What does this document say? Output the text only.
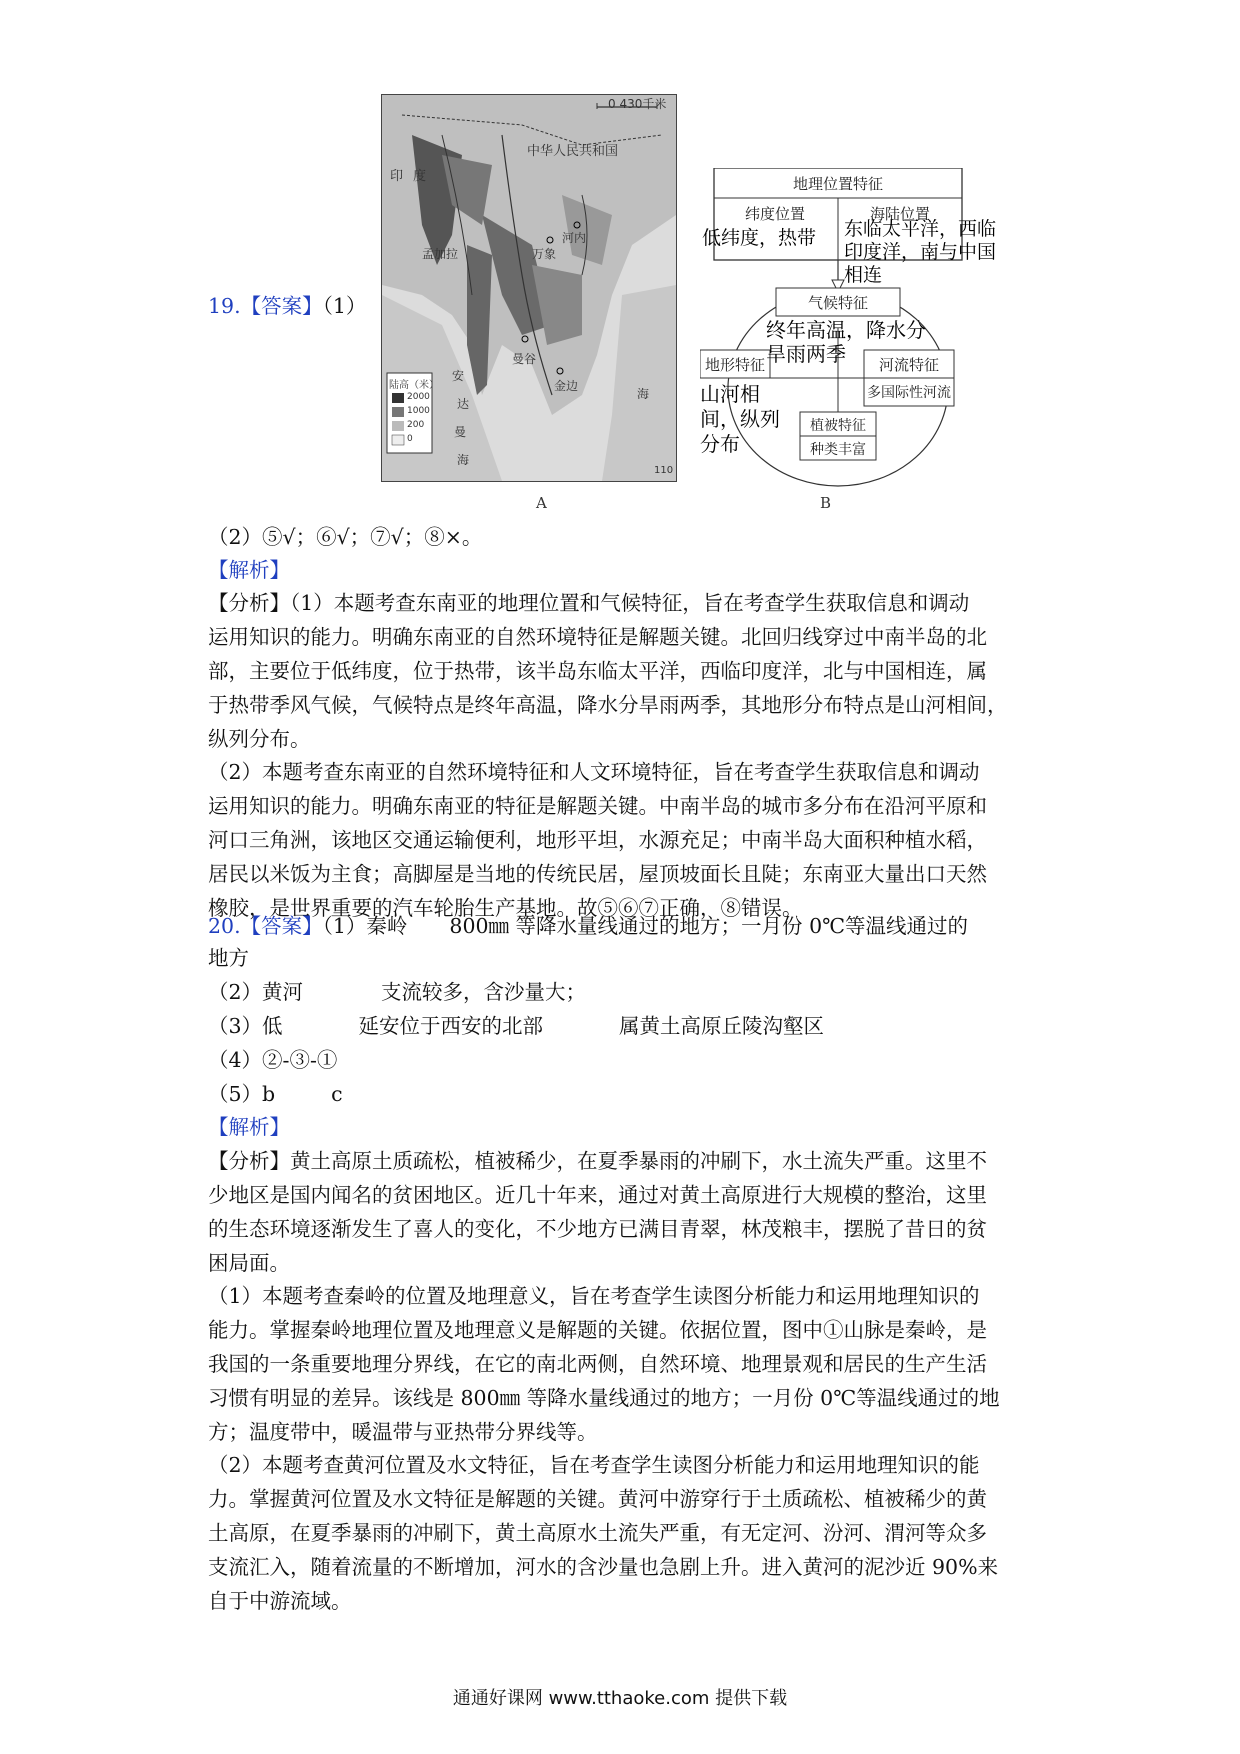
19.【答案】（1）
0 430千米
中华人民共和国
印度
孟加拉
河内
万象
曼谷
金边
海
安
达
曼
海
陆高（米）
2000
1000
200
0
110
A
地理位置特征
纬度位置	海陆位置
低纬度，热带 东临太平洋，西临印度洋，南与中国相连
气候特征
终年高温，降水分旱雨两季
地形特征
山河相间，纵列分布
河流特征
多国际性河流
植被特征
种类丰富
B
（2）⑤√；⑥√；⑦√；⑧×。
【解析】
【分析】（1）本题考查东南亚的地理位置和气候特征，旨在考查学生获取信息和调动
运用知识的能力。明确东南亚的自然环境特征是解题关键。北回归线穿过中南半岛的北
部，主要位于低纬度，位于热带，该半岛东临太平洋，西临印度洋，北与中国相连，属
于热带季风气候，气候特点是终年高温，降水分旱雨两季，其地形分布特点是山河相间，
纵列分布。
（2）本题考查东南亚的自然环境特征和人文环境特征，旨在考查学生获取信息和调动
运用知识的能力。明确东南亚的特征是解题关键。中南半岛的城市多分布在沿河平原和
河口三角洲，该地区交通运输便利，地形平坦，水源充足；中南半岛大面积种植水稻，
居民以米饭为主食；高脚屋是当地的传统民居，屋顶坡面长且陡；东南亚大量出口天然
橡胶，是世界重要的汽车轮胎生产基地。故⑤⑥⑦正确，⑧错误。
20.【答案】（1）秦岭 800㎜ 等降水量线通过的地方；一月份 0℃等温线通过的
地方
（2）黄河	支流较多，含沙量大；
（3）低	延安位于西安的北部	属黄土高原丘陵沟壑区
（4）②-③-①
（5）b	c
【解析】
【分析】黄土高原土质疏松，植被稀少，在夏季暴雨的冲刷下，水土流失严重。这里不
少地区是国内闻名的贫困地区。近几十年来，通过对黄土高原进行大规模的整治，这里
的生态环境逐渐发生了喜人的变化，不少地方已满目青翠，林茂粮丰，摆脱了昔日的贫
困局面。
（1）本题考查秦岭的位置及地理意义，旨在考查学生读图分析能力和运用地理知识的
能力。掌握秦岭地理位置及地理意义是解题的关键。依据位置，图中①山脉是秦岭，是
我国的一条重要地理分界线，在它的南北两侧，自然环境、地理景观和居民的生产生活
习惯有明显的差异。该线是 800㎜ 等降水量线通过的地方；一月份 0℃等温线通过的地
方；温度带中，暖温带与亚热带分界线等。
（2）本题考查黄河位置及水文特征，旨在考查学生读图分析能力和运用地理知识的能
力。掌握黄河位置及水文特征是解题的关键。黄河中游穿行于土质疏松、植被稀少的黄
土高原，在夏季暴雨的冲刷下，黄土高原水土流失严重，有无定河、汾河、渭河等众多
支流汇入，随着流量的不断增加，河水的含沙量也急剧上升。进入黄河的泥沙近 90%来
自于中游流域。
通通好课网 www.tthaoke.com 提供下载
